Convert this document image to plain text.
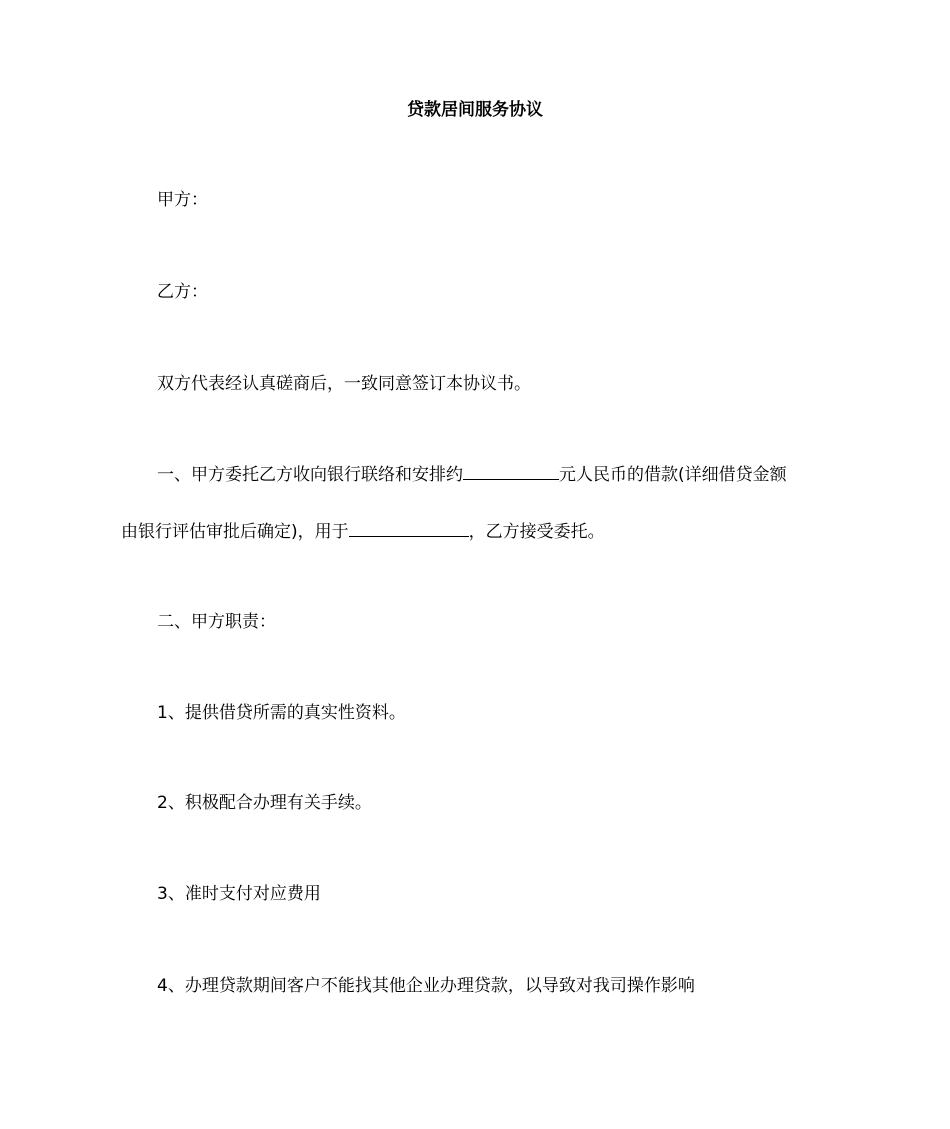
贷款居间服务协议
甲方：
乙方：
双方代表经认真磋商后，一致同意签订本协议书。
一、甲方委托乙方收向银行联络和安排约	元人民币的借款(详细借贷金额
由银行评估审批后确定)，用于	，乙方接受委托。
二、甲方职责：
1、提供借贷所需的真实性资料。
2、积极配合办理有关手续。
3、准时支付对应费用
4、办理贷款期间客户不能找其他企业办理贷款，以导致对我司操作影响
